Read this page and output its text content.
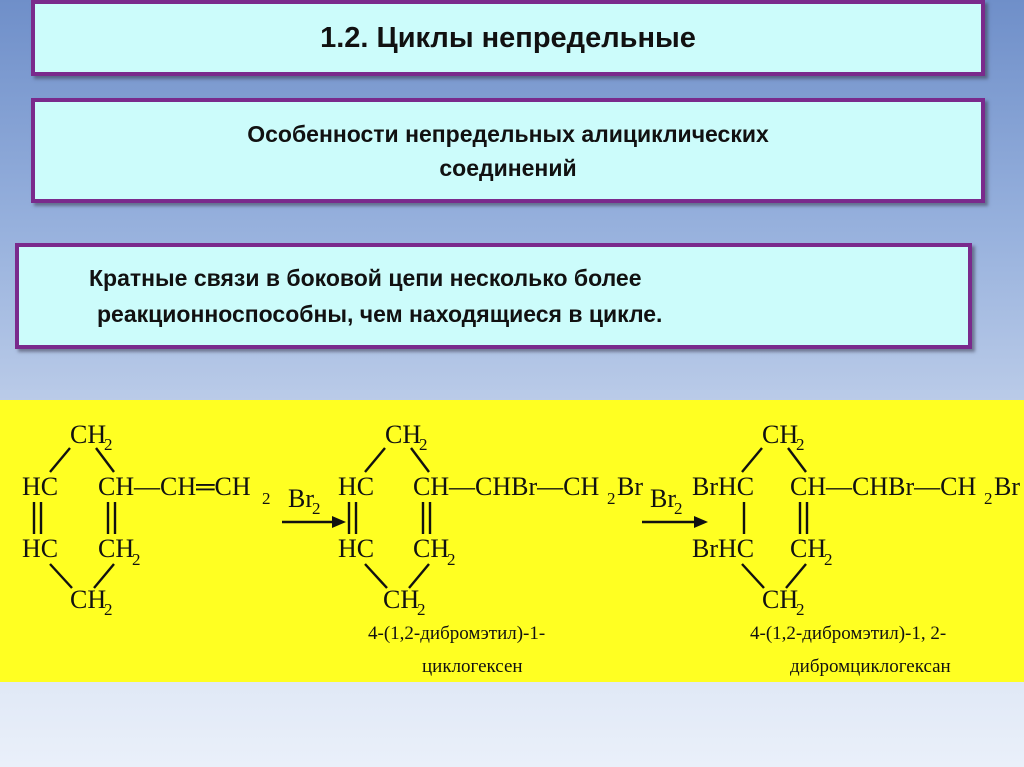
1.2. Циклы непредельные
Особенности непредельных алициклических
соединений
Кратные связи в боковой цепи несколько более
реакционноспособны, чем находящиеся в цикле.
CH
2
HC
HC
CH
CH
2
CH
2
—CH═CH 2 Br
2
CH
2
HC
HC
CH
CH
2
CH
2
—CHBr—CH 2 Br
4-(1,2-дибромэтил)-1-
циклогексен
Br
2
CH
2
BrHC
BrHC
CH
CH
2
CH
2
—CHBr—CH 2 Br
4-(1,2-дибромэтил)-1, 2-
дибромциклогексан
